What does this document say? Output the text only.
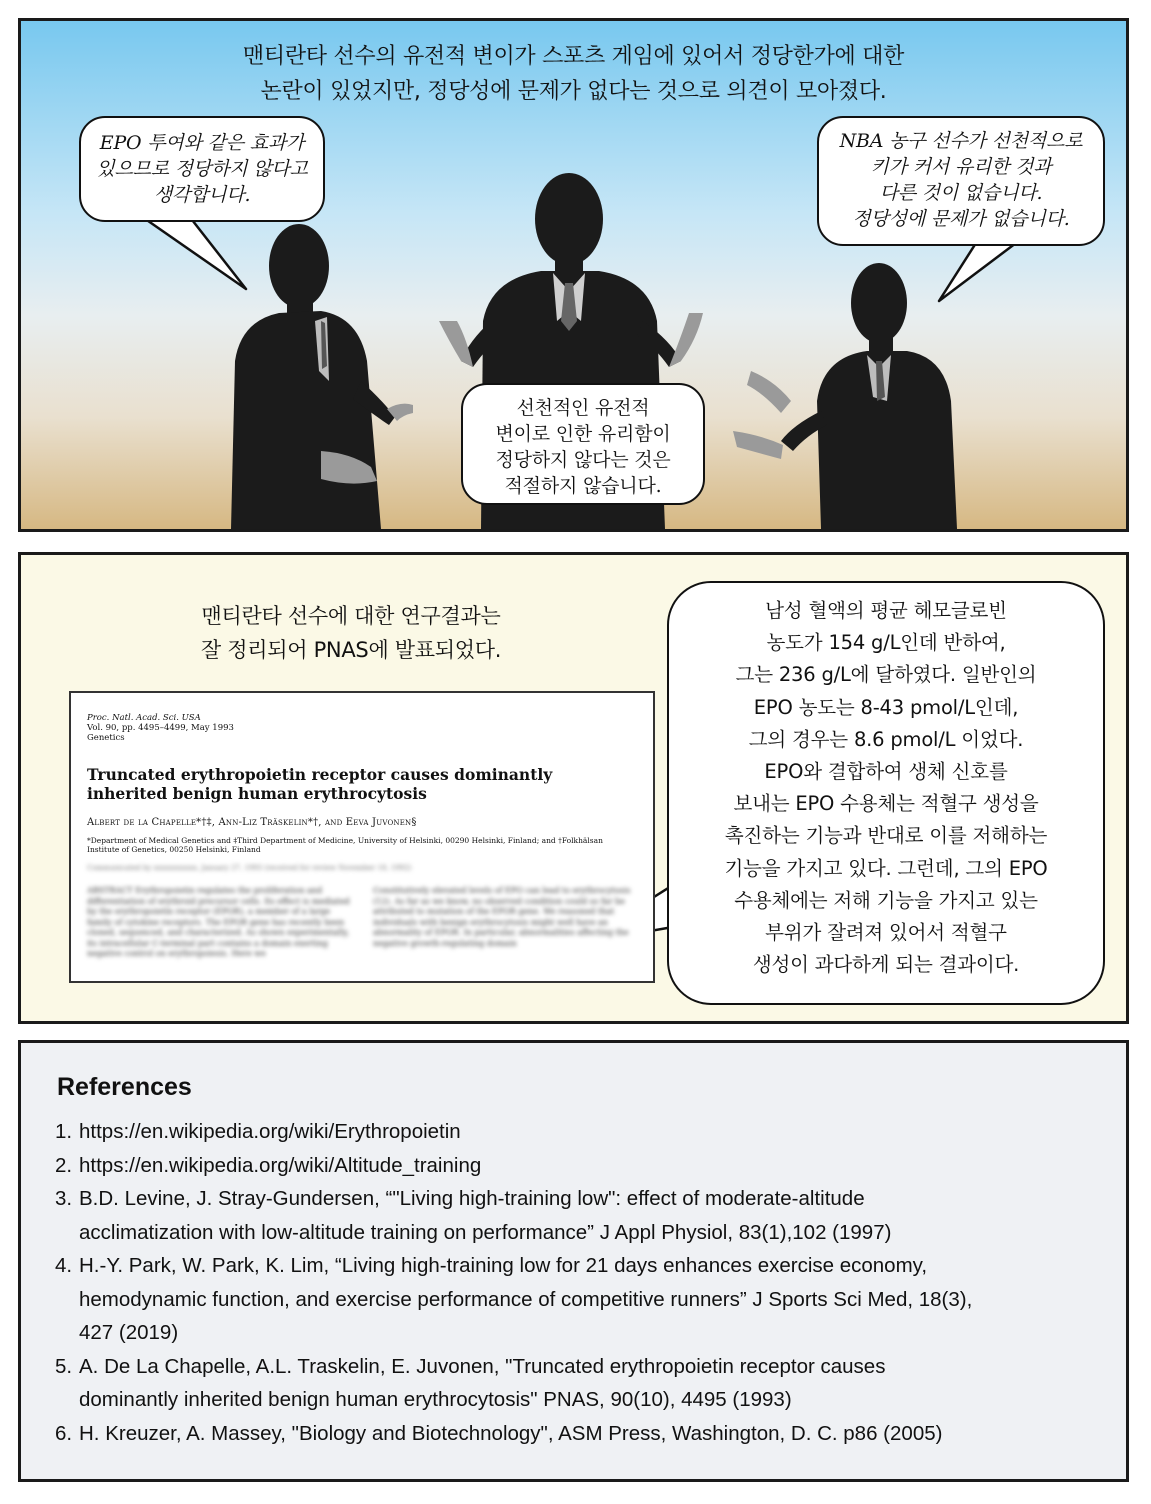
맨티란타 선수의 유전적 변이가 스포츠 게임에 있어서 정당한가에 대한
논란이 있었지만, 정당성에 문제가 없다는 것으로 의견이 모아졌다.
EPO 투여와 같은 효과가
있으므로 정당하지 않다고
생각합니다.
NBA 농구 선수가 선천적으로
키가 커서 유리한 것과
다른 것이 없습니다.
정당성에 문제가 없습니다.
선천적인 유전적
변이로 인한 유리함이
정당하지 않다는 것은
적절하지 않습니다.
맨티란타 선수에 대한 연구결과는
잘 정리되어 PNAS에 발표되었다.
Proc. Natl. Acad. Sci. USA
Vol. 90, pp. 4495–4499, May 1993
Genetics
Truncated erythropoietin receptor causes dominantly inherited benign human erythrocytosis
Albert de la Chapelle*†‡, Ann-Liz Träskelin*†, and Eeva Juvonen§
*Department of Medical Genetics and ‡Third Department of Medicine, University of Helsinki, 00290 Helsinki, Finland; and †Folkhälsan Institute of Genetics, 00250 Helsinki, Finland
Communicated by xxxxxxxxxxx, January 27, 1993 (received for review November 18, 1992)
ABSTRACT Erythropoietin regulates the proliferation and differentiation of erythroid precursor cells. Its effect is mediated by the erythropoietin receptor (EPOR), a member of a large family of cytokine receptors. The EPOR gene has recently been cloned, sequenced, and characterized. As shown experimentally, its intracellular C-terminal part contains a domain exerting negative control on erythropoiesis. Here we
Constitutively elevated levels of EPO can lead to erythrocytosis (12). As far as we know, no observed condition could so far be attributed to mutation of the EPOR gene. We reasoned that individuals with benign erythrocytosis might well have an abnormality of EPOR. In particular, abnormalities affecting the negative growth-regulating domain
남성 혈액의 평균 헤모글로빈
농도가 154 g/L인데 반하여,
그는 236 g/L에 달하였다. 일반인의
EPO 농도는 8-43 pmol/L인데,
그의 경우는 8.6 pmol/L 이었다.
EPO와 결합하여 생체 신호를
보내는 EPO 수용체는 적혈구 생성을
촉진하는 기능과 반대로 이를 저해하는
기능을 가지고 있다. 그런데, 그의 EPO
수용체에는 저해 기능을 가지고 있는
부위가 잘려져 있어서 적혈구
생성이 과다하게 되는 결과이다.
References
1. https://en.wikipedia.org/wiki/Erythropoietin
2. https://en.wikipedia.org/wiki/Altitude_training
3. B.D. Levine, J. Stray-Gundersen, “"Living high-training low": effect of moderate-altitude
acclimatization with low-altitude training on performance” J Appl Physiol, 83(1),102 (1997)
4. H.-Y. Park, W. Park, K. Lim, “Living high-training low for 21 days enhances exercise economy,
hemodynamic function, and exercise performance of competitive runners” J Sports Sci Med, 18(3),
427 (2019)
5. A. De La Chapelle, A.L. Traskelin, E. Juvonen, "Truncated erythropoietin receptor causes
dominantly inherited benign human erythrocytosis" PNAS, 90(10), 4495 (1993)
6. H. Kreuzer, A. Massey, "Biology and Biotechnology", ASM Press, Washington, D. C. p86 (2005)
